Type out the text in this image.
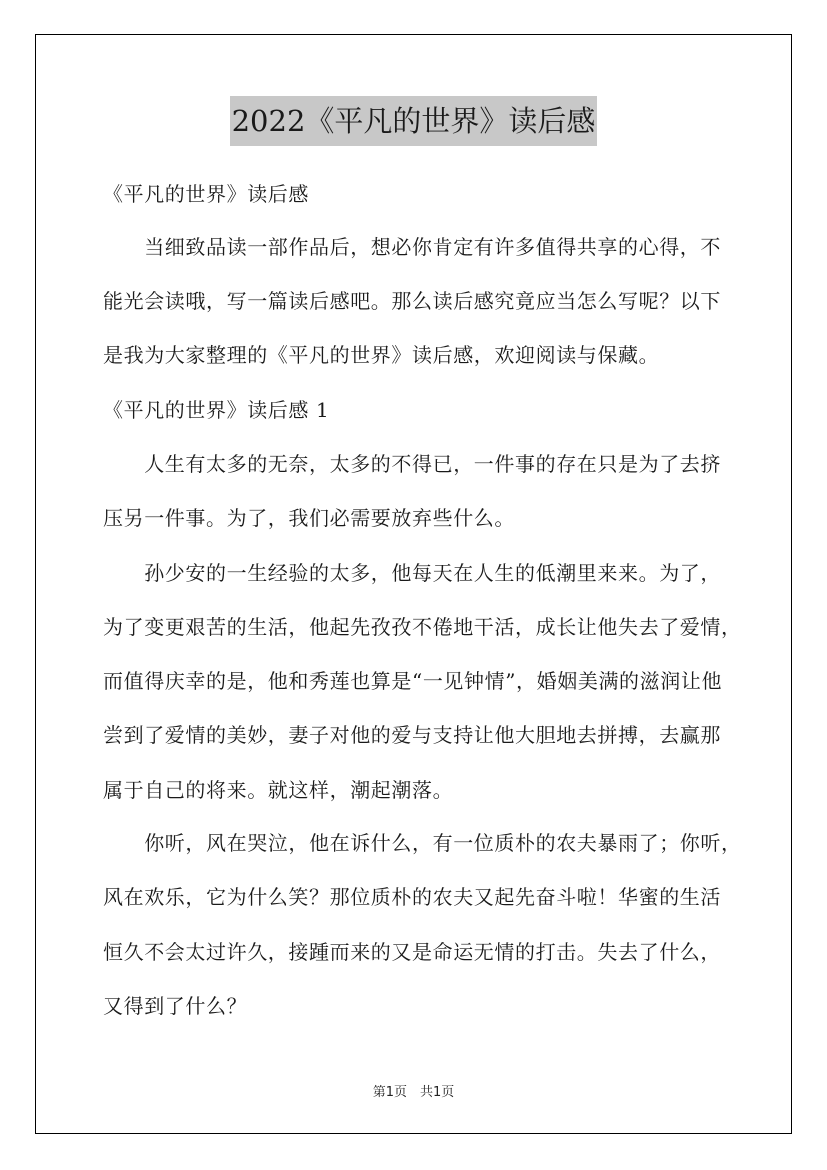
2022《平凡的世界》读后感
《平凡的世界》读后感
　　当细致品读一部作品后，想必你肯定有许多值得共享的心得，不
能光会读哦，写一篇读后感吧。那么读后感究竟应当怎么写呢？以下
是我为大家整理的《平凡的世界》读后感，欢迎阅读与保藏。
《平凡的世界》读后感 1
　　人生有太多的无奈，太多的不得已，一件事的存在只是为了去挤
压另一件事。为了，我们必需要放弃些什么。
　　孙少安的一生经验的太多，他每天在人生的低潮里来来。为了，
为了变更艰苦的生活，他起先孜孜不倦地干活，成长让他失去了爱情，
而值得庆幸的是，他和秀莲也算是“一见钟情”，婚姻美满的滋润让他
尝到了爱情的美妙，妻子对他的爱与支持让他大胆地去拼搏，去赢那
属于自己的将来。就这样，潮起潮落。
　　你听，风在哭泣，他在诉什么，有一位质朴的农夫暴雨了；你听，
风在欢乐，它为什么笑？那位质朴的农夫又起先奋斗啦！华蜜的生活
恒久不会太过许久，接踵而来的又是命运无情的打击。失去了什么，
又得到了什么？
第1页　共1页
